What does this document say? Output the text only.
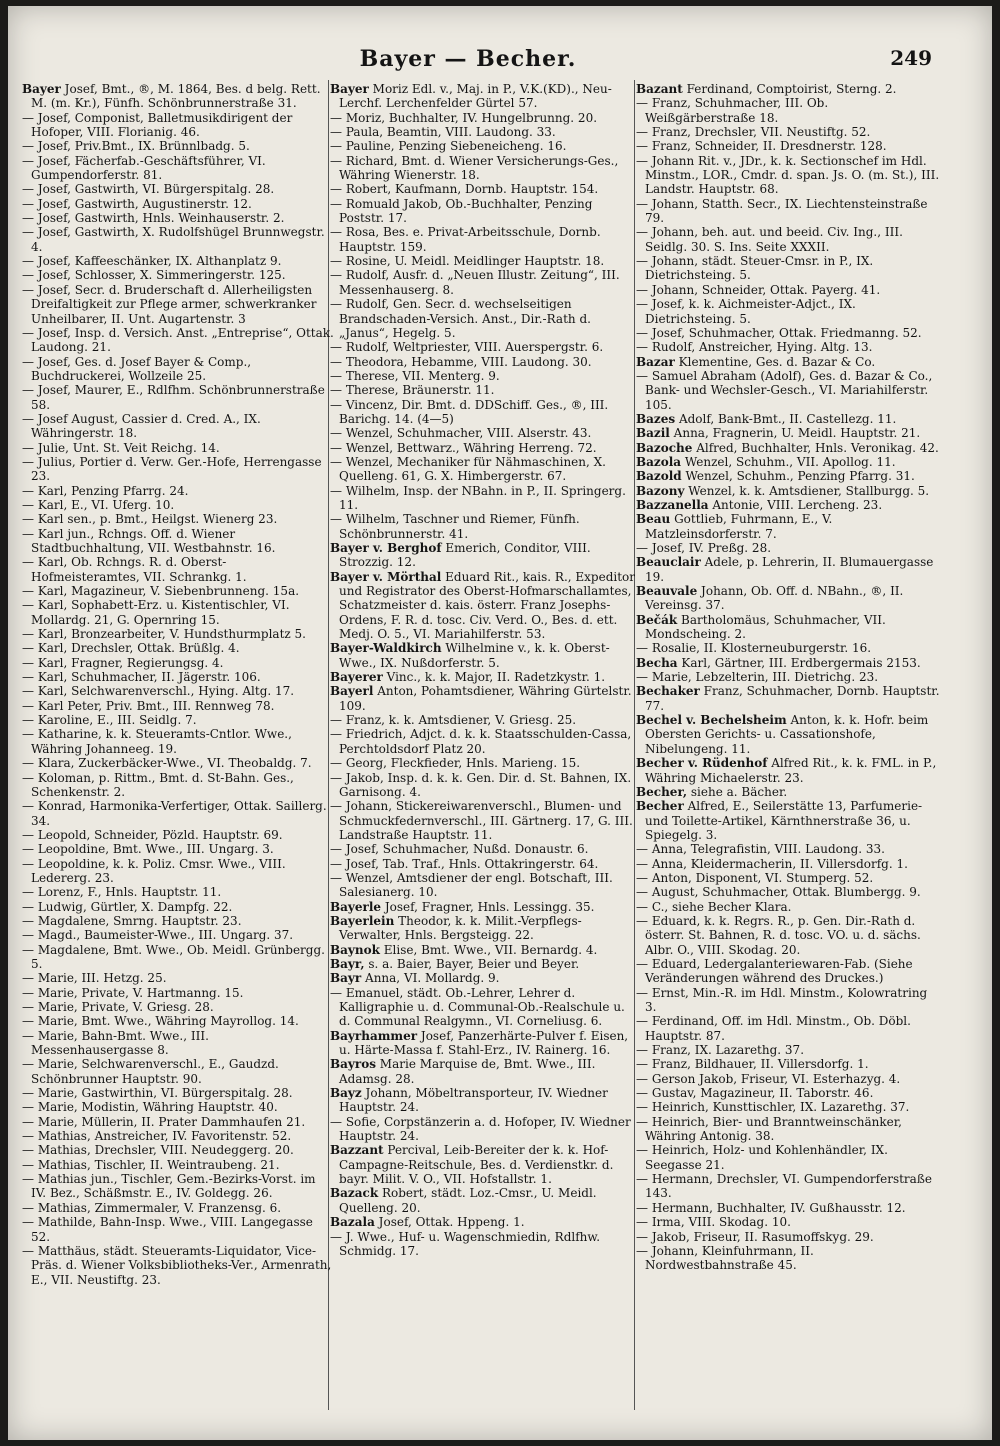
Bayer — Becher.	249

Bayer Josef, Bmt., ®, M. 1864, Bes. d belg. Rett. M. (m. Kr.), Fünfh. Schönbrunnerstraße 31.

— Josef, Componist, Balletmusikdirigent der Hofoper, VIII. Florianig. 46.

— Josef, Priv.Bmt., IX. Brünnlbadg. 5.

— Josef, Fächerfab.-Geschäftsführer, VI. Gumpendorferstr. 81.

— Josef, Gastwirth, VI. Bürgerspitalg. 28.

— Josef, Gastwirth, Augustinerstr. 12.

— Josef, Gastwirth, Hnls. Weinhauserstr. 2.

— Josef, Gastwirth, X. Rudolfshügel Brunnwegstr. 4.

— Josef, Kaffeeschänker, IX. Althanplatz 9.

— Josef, Schlosser, X. Simmeringerstr. 125.

— Josef, Secr. d. Bruderschaft d. Allerheiligsten Dreifaltigkeit zur Pflege armer, schwerkranker Unheilbarer, II. Unt. Augartenstr. 3

— Josef, Insp. d. Versich. Anst. „Entreprise“, Ottak. Laudong. 21.

— Josef, Ges. d. Josef Bayer & Comp., Buchdruckerei, Wollzeile 25.

— Josef, Maurer, E., Rdlfhm. Schönbrunnerstraße 58.

— Josef August, Cassier d. Cred. A., IX. Währingerstr. 18.

— Julie, Unt. St. Veit Reichg. 14.

— Julius, Portier d. Verw. Ger.-Hofe, Herrengasse 23.

— Karl, Penzing Pfarrg. 24.

— Karl, E., VI. Uferg. 10.

— Karl sen., p. Bmt., Heilgst. Wienerg 23.

— Karl jun., Rchngs. Off. d. Wiener Stadtbuchhaltung, VII. Westbahnstr. 16.

— Karl, Ob. Rchngs. R. d. Oberst-Hofmeisteramtes, VII. Schrankg. 1.

— Karl, Magazineur, V. Siebenbrunneng. 15a.

— Karl, Sophabett-Erz. u. Kistentischler, VI. Mollardg. 21, G. Opernring 15.

— Karl, Bronzearbeiter, V. Hundsthurmplatz 5.

— Karl, Drechsler, Ottak. Brüßlg. 4.

— Karl, Fragner, Regierungsg. 4.

— Karl, Schuhmacher, II. Jägerstr. 106.

— Karl, Selchwarenverschl., Hying. Altg. 17.

— Karl Peter, Priv. Bmt., III. Rennweg 78.

— Karoline, E., III. Seidlg. 7.

— Katharine, k. k. Steueramts-Cntlor. Wwe., Währing Johanneeg. 19.

— Klara, Zuckerbäcker-Wwe., VI. Theobaldg. 7.

— Koloman, p. Rittm., Bmt. d. St-Bahn. Ges., Schenkenstr. 2.

— Konrad, Harmonika-Verfertiger, Ottak. Saillerg. 34.

— Leopold, Schneider, Pözld. Hauptstr. 69.

— Leopoldine, Bmt. Wwe., III. Ungarg. 3.

— Leopoldine, k. k. Poliz. Cmsr. Wwe., VIII. Ledererg. 23.

— Lorenz, F., Hnls. Hauptstr. 11.

— Ludwig, Gürtler, X. Dampfg. 22.

— Magdalene, Smrng. Hauptstr. 23.

— Magd., Baumeister-Wwe., III. Ungarg. 37.

— Magdalene, Bmt. Wwe., Ob. Meidl. Grünbergg. 5.

— Marie, III. Hetzg. 25.

— Marie, Private, V. Hartmanng. 15.

— Marie, Private, V. Griesg. 28.

— Marie, Bmt. Wwe., Währing Mayrollog. 14.

— Marie, Bahn-Bmt. Wwe., III. Messenhausergasse 8.

— Marie, Selchwarenverschl., E., Gaudzd. Schönbrunner Hauptstr. 90.

— Marie, Gastwirthin, VI. Bürgerspitalg. 28.

— Marie, Modistin, Währing Hauptstr. 40.

— Marie, Müllerin, II. Prater Dammhaufen 21.

— Mathias, Anstreicher, IV. Favoritenstr. 52.

— Mathias, Drechsler, VIII. Neudeggerg. 20.

— Mathias, Tischler, II. Weintraubeng. 21.

— Mathias jun., Tischler, Gem.-Bezirks-Vorst. im IV. Bez., Schäßmstr. E., IV. Goldegg. 26.

— Mathias, Zimmermaler, V. Franzensg. 6.

— Mathilde, Bahn-Insp. Wwe., VIII. Langegasse 52.

— Matthäus, städt. Steueramts-Liquidator, Vice-Präs. d. Wiener Volksbibliotheks-Ver., Armenrath, E., VII. Neustiftg. 23.

Bayer Moriz Edl. v., Maj. in P., V.K.(KD)., Neu-Lerchf. Lerchenfelder Gürtel 57.

— Moriz, Buchhalter, IV. Hungelbrunng. 20.

— Paula, Beamtin, VIII. Laudong. 33.

— Pauline, Penzing Siebeneicheng. 16.

— Richard, Bmt. d. Wiener Versicherungs-Ges., Währing Wienerstr. 18.

— Robert, Kaufmann, Dornb. Hauptstr. 154.

— Romuald Jakob, Ob.-Buchhalter, Penzing Poststr. 17.

— Rosa, Bes. e. Privat-Arbeitsschule, Dornb. Hauptstr. 159.

— Rosine, U. Meidl. Meidlinger Hauptstr. 18.

— Rudolf, Ausfr. d. „Neuen Illustr. Zeitung“, III. Messenhauserg. 8.

— Rudolf, Gen. Secr. d. wechselseitigen Brandschaden-Versich. Anst., Dir.-Rath d. „Janus“, Hegelg. 5.

— Rudolf, Weltpriester, VIII. Auerspergstr. 6.

— Theodora, Hebamme, VIII. Laudong. 30.

— Therese, VII. Menterg. 9.

— Therese, Bräunerstr. 11.

— Vincenz, Dir. Bmt. d. DDSchiff. Ges., ®, III. Barichg. 14. (4—5)

— Wenzel, Schuhmacher, VIII. Alserstr. 43.

— Wenzel, Bettwarz., Währing Herreng. 72.

— Wenzel, Mechaniker für Nähmaschinen, X. Quelleng. 61, G. X. Himbergerstr. 67.

— Wilhelm, Insp. der NBahn. in P., II. Springerg. 11.

— Wilhelm, Taschner und Riemer, Fünfh. Schönbrunnerstr. 41.

Bayer v. Berghof Emerich, Conditor, VIII. Strozzig. 12.

Bayer v. Mörthal Eduard Rit., kais. R., Expeditor und Registrator des Oberst-Hofmarschallamtes, Schatzmeister d. kais. österr. Franz Josephs-Ordens, F. R. d. tosc. Civ. Verd. O., Bes. d. ett. Medj. O. 5., VI. Mariahilferstr. 53.

Bayer-Waldkirch Wilhelmine v., k. k. Oberst-Wwe., IX. Nußdorferstr. 5.

Bayerer Vinc., k. k. Major, II. Radetzkystr. 1.

Bayerl Anton, Pohamtsdiener, Währing Gürtelstr. 109.

— Franz, k. k. Amtsdiener, V. Griesg. 25.

— Friedrich, Adjct. d. k. k. Staatsschulden-Cassa, Perchtoldsdorf Platz 20.

— Georg, Fleckfieder, Hnls. Marieng. 15.

— Jakob, Insp. d. k. k. Gen. Dir. d. St. Bahnen, IX. Garnisong. 4.

— Johann, Stickereiwarenverschl., Blumen- und Schmuckfedernverschl., III. Gärtnerg. 17, G. III. Landstraße Hauptstr. 11.

— Josef, Schuhmacher, Nußd. Donaustr. 6.

— Josef, Tab. Traf., Hnls. Ottakringerstr. 64.

— Wenzel, Amtsdiener der engl. Botschaft, III. Salesianerg. 10.

Bayerle Josef, Fragner, Hnls. Lessingg. 35.

Bayerlein Theodor, k. k. Milit.-Verpflegs-Verwalter, Hnls. Bergsteigg. 22.

Baynok Elise, Bmt. Wwe., VII. Bernardg. 4.

Bayr, s. a. Baier, Bayer, Beier und Beyer.

Bayr Anna, VI. Mollardg. 9.

— Emanuel, städt. Ob.-Lehrer, Lehrer d. Kalligraphie u. d. Communal-Ob.-Realschule u. d. Communal Realgymn., VI. Corneliusg. 6.

Bayrhammer Josef, Panzerhärte-Pulver f. Eisen, u. Härte-Massa f. Stahl-Erz., IV. Rainerg. 16.

Bayros Marie Marquise de, Bmt. Wwe., III. Adamsg. 28.

Bayz Johann, Möbeltransporteur, IV. Wiedner Hauptstr. 24.

— Sofie, Corpstänzerin a. d. Hofoper, IV. Wiedner Hauptstr. 24.

Bazzant Percival, Leib-Bereiter der k. k. Hof-Campagne-Reitschule, Bes. d. Verdienstkr. d. bayr. Milit. V. O., VII. Hofstallstr. 1.

Bazack Robert, städt. Loz.-Cmsr., U. Meidl. Quelleng. 20.

Bazala Josef, Ottak. Hppeng. 1.

— J. Wwe., Huf- u. Wagenschmiedin, Rdlfhw. Schmidg. 17.

Bazant Ferdinand, Comptoirist, Sterng. 2.

— Franz, Schuhmacher, III. Ob. Weißgärberstraße 18.

— Franz, Drechsler, VII. Neustiftg. 52.

— Franz, Schneider, II. Dresdnerstr. 128.

— Johann Rit. v., JDr., k. k. Sectionschef im Hdl. Minstm., LOR., Cmdr. d. span. Js. O. (m. St.), III. Landstr. Hauptstr. 68.

— Johann, Statth. Secr., IX. Liechtensteinstraße 79.

— Johann, beh. aut. und beeid. Civ. Ing., III. Seidlg. 30. S. Ins. Seite XXXII.

— Johann, städt. Steuer-Cmsr. in P., IX. Dietrichsteing. 5.

— Johann, Schneider, Ottak. Payerg. 41.

— Josef, k. k. Aichmeister-Adjct., IX. Dietrichsteing. 5.

— Josef, Schuhmacher, Ottak. Friedmanng. 52.

— Rudolf, Anstreicher, Hying. Altg. 13.

Bazar Klementine, Ges. d. Bazar & Co.

— Samuel Abraham (Adolf), Ges. d. Bazar & Co., Bank- und Wechsler-Gesch., VI. Mariahilferstr. 105.

Bazes Adolf, Bank-Bmt., II. Castellezg. 11.

Bazil Anna, Fragnerin, U. Meidl. Hauptstr. 21.

Bazoche Alfred, Buchhalter, Hnls. Veronikag. 42.

Bazola Wenzel, Schuhm., VII. Apollog. 11.

Bazold Wenzel, Schuhm., Penzing Pfarrg. 31.

Bazony Wenzel, k. k. Amtsdiener, Stallburgg. 5.

Bazzanella Antonie, VIII. Lercheng. 23.

Beau Gottlieb, Fuhrmann, E., V. Matzleinsdorferstr. 7.

— Josef, IV. Preßg. 28.

Beauclair Adele, p. Lehrerin, II. Blumauergasse 19.

Beauvale Johann, Ob. Off. d. NBahn., ®, II. Vereinsg. 37.

Bečák Bartholomäus, Schuhmacher, VII. Mondscheing. 2.

— Rosalie, II. Klosterneuburgerstr. 16.

Becha Karl, Gärtner, III. Erdbergermais 2153.

— Marie, Lebzelterin, III. Dietrichg. 23.

Bechaker Franz, Schuhmacher, Dornb. Hauptstr. 77.

Bechel v. Bechelsheim Anton, k. k. Hofr. beim Obersten Gerichts- u. Cassationshofe, Nibelungeng. 11.

Becher v. Rüdenhof Alfred Rit., k. k. FML. in P., Währing Michaelerstr. 23.

Becher, siehe a. Bächer.

Becher Alfred, E., Seilerstätte 13, Parfumerie- und Toilette-Artikel, Kärnthnerstraße 36, u. Spiegelg. 3.

— Anna, Telegrafistin, VIII. Laudong. 33.

— Anna, Kleidermacherin, II. Villersdorfg. 1.

— Anton, Disponent, VI. Stumperg. 52.

— August, Schuhmacher, Ottak. Blumbergg. 9.

— C., siehe Becher Klara.

— Eduard, k. k. Regrs. R., p. Gen. Dir.-Rath d. österr. St. Bahnen, R. d. tosc. VO. u. d. sächs. Albr. O., VIII. Skodag. 20.

— Eduard, Ledergalanteriewaren-Fab. (Siehe Veränderungen während des Druckes.)

— Ernst, Min.-R. im Hdl. Minstm., Kolowratring 3.

— Ferdinand, Off. im Hdl. Minstm., Ob. Döbl. Hauptstr. 87.

— Franz, IX. Lazarethg. 37.

— Franz, Bildhauer, II. Villersdorfg. 1.

— Gerson Jakob, Friseur, VI. Esterhazyg. 4.

— Gustav, Magazineur, II. Taborstr. 46.

— Heinrich, Kunsttischler, IX. Lazarethg. 37.

— Heinrich, Bier- und Branntweinschänker, Währing Antonig. 38.

— Heinrich, Holz- und Kohlenhändler, IX. Seegasse 21.

— Hermann, Drechsler, VI. Gumpendorferstraße 143.

— Hermann, Buchhalter, IV. Gußhausstr. 12.

— Irma, VIII. Skodag. 10.

— Jakob, Friseur, II. Rasumoffskyg. 29.

— Johann, Kleinfuhrmann, II. Nordwestbahnstraße 45.
